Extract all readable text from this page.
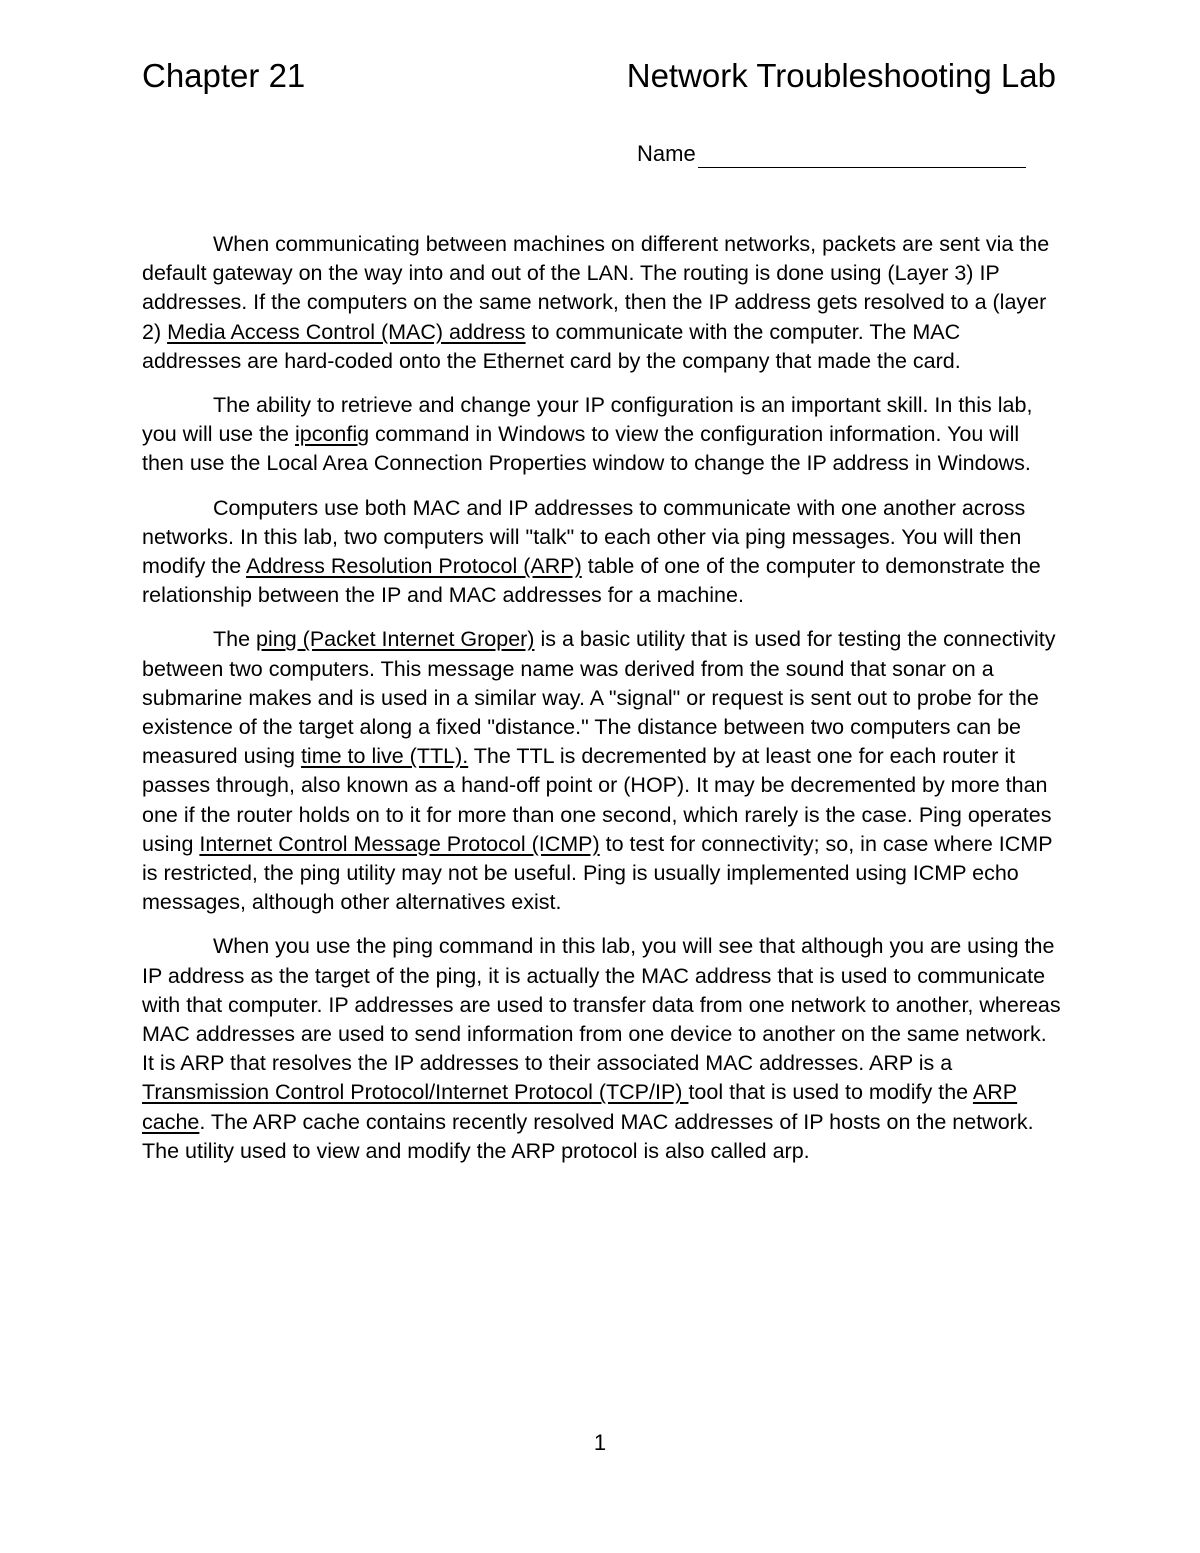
Chapter 21	Network Troubleshooting Lab
Name

When communicating between machines on different networks, packets are sent via the default gateway on the way into and out of the LAN. The routing is done using (Layer 3) IP addresses. If the computers on the same network, then the IP address gets resolved to a (layer 2) Media Access Control (MAC) address to communicate with the computer. The MAC addresses are hard-coded onto the Ethernet card by the company that made the card.

The ability to retrieve and change your IP configuration is an important skill. In this lab, you will use the ipconfig command in Windows to view the configuration information. You will then use the Local Area Connection Properties window to change the IP address in Windows.

Computers use both MAC and IP addresses to communicate with one another across networks. In this lab, two computers will "talk" to each other via ping messages. You will then modify the Address Resolution Protocol (ARP) table of one of the computer to demonstrate the relationship between the IP and MAC addresses for a machine.

The ping (Packet Internet Groper) is a basic utility that is used for testing the connectivity between two computers. This message name was derived from the sound that sonar on a submarine makes and is used in a similar way. A "signal" or request is sent out to probe for the existence of the target along a fixed "distance." The distance between two computers can be measured using time to live (TTL). The TTL is decremented by at least one for each router it passes through, also known as a hand-off point or (HOP). It may be decremented by more than one if the router holds on to it for more than one second, which rarely is the case. Ping operates using Internet Control Message Protocol (ICMP) to test for connectivity; so, in case where ICMP is restricted, the ping utility may not be useful. Ping is usually implemented using ICMP echo messages, although other alternatives exist.

When you use the ping command in this lab, you will see that although you are using the IP address as the target of the ping, it is actually the MAC address that is used to communicate with that computer. IP addresses are used to transfer data from one network to another, whereas MAC addresses are used to send information from one device to another on the same network. It is ARP that resolves the IP addresses to their associated MAC addresses. ARP is a Transmission Control Protocol/Internet Protocol (TCP/IP) tool that is used to modify the ARP cache. The ARP cache contains recently resolved MAC addresses of IP hosts on the network. The utility used to view and modify the ARP protocol is also called arp.

1
